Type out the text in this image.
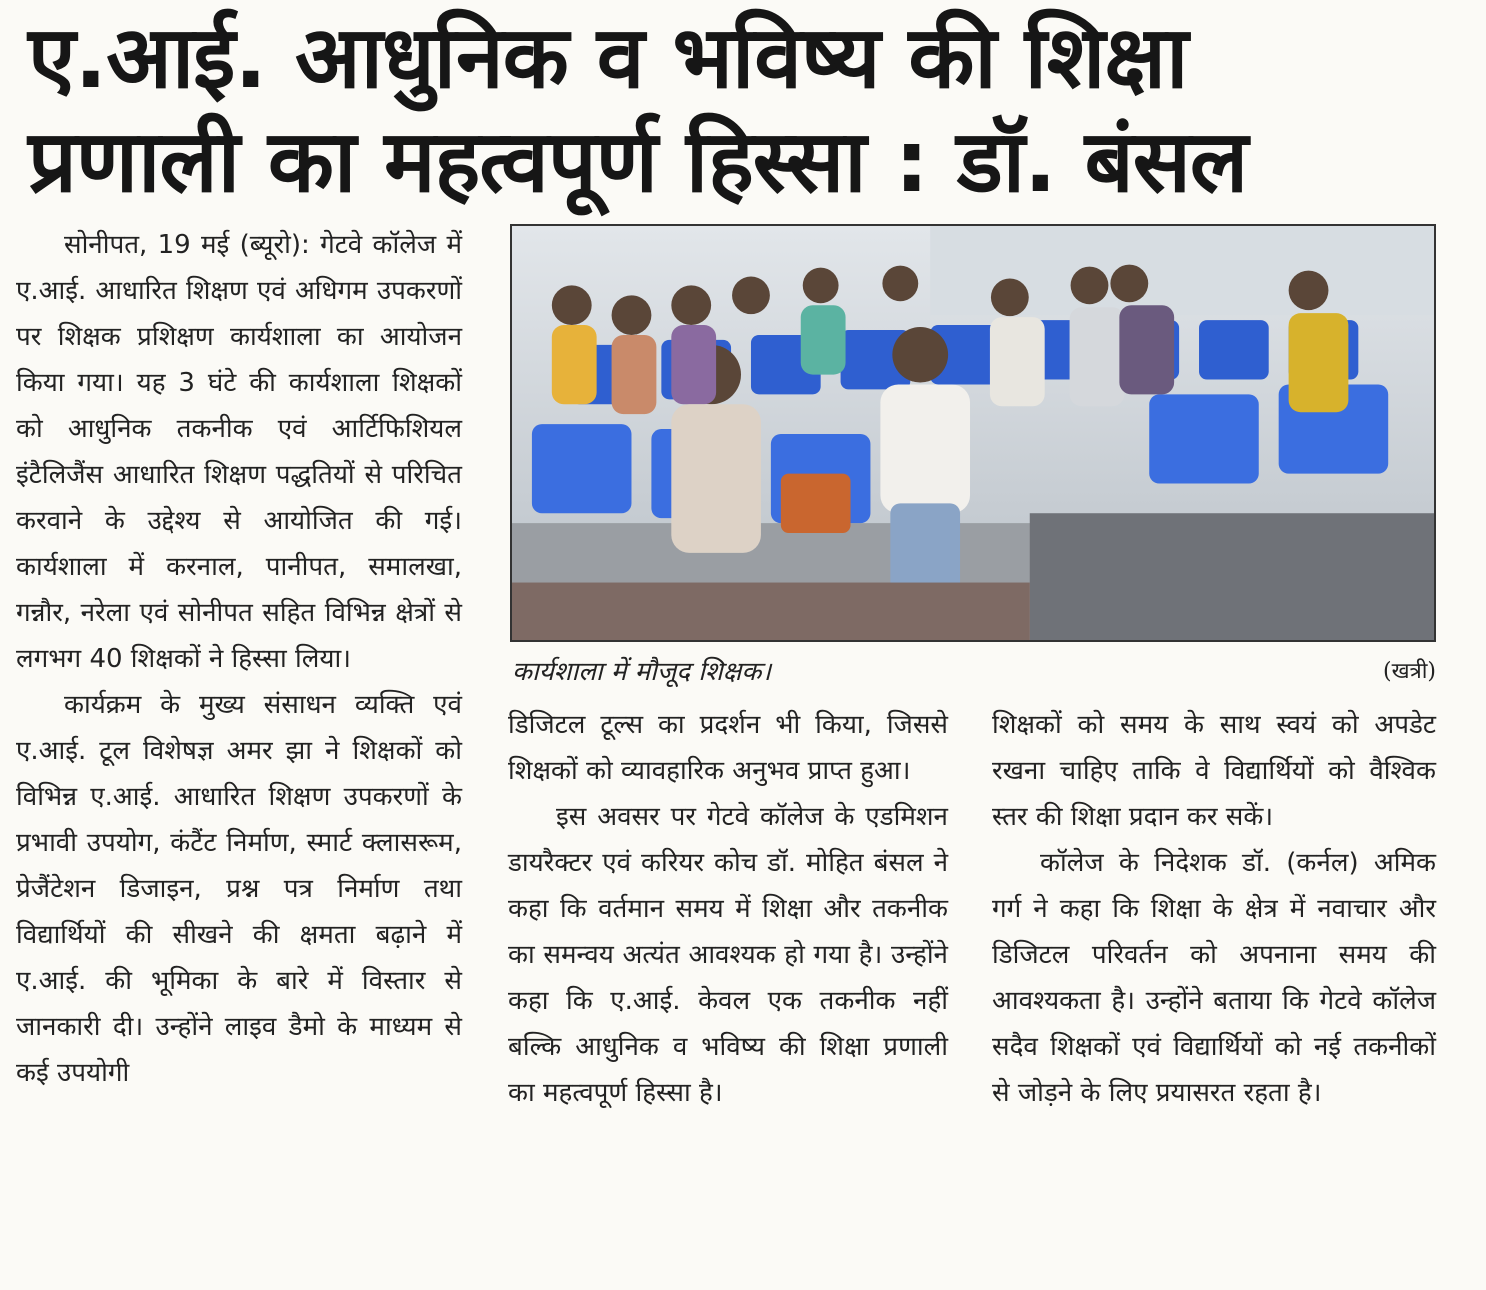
ए.आई. आधुनिक व भविष्य की शिक्षा
प्रणाली का महत्वपूर्ण हिस्सा : डॉ. बंसल

सोनीपत, 19 मई (ब्यूरो): गेटवे कॉलेज में ए.आई. आधारित शिक्षण एवं अधिगम उपकरणों पर शिक्षक प्रशिक्षण कार्यशाला का आयोजन किया गया। यह 3 घंटे की कार्यशाला शिक्षकों को आधुनिक तकनीक एवं आर्टिफिशियल इंटैलिजैंस आधारित शिक्षण पद्धतियों से परिचित करवाने के उद्देश्य से आयोजित की गई। कार्यशाला में करनाल, पानीपत, समालखा, गन्नौर, नरेला एवं सोनीपत सहित विभिन्न क्षेत्रों से लगभग 40 शिक्षकों ने हिस्सा लिया।

कार्यक्रम के मुख्य संसाधन व्यक्ति एवं ए.आई. टूल विशेषज्ञ अमर झा ने शिक्षकों को विभिन्न ए.आई. आधारित शिक्षण उपकरणों के प्रभावी उपयोग, कंटैंट निर्माण, स्मार्ट क्लासरूम, प्रेजैंटेशन डिजाइन, प्रश्न पत्र निर्माण तथा विद्यार्थियों की सीखने की क्षमता बढ़ाने में ए.आई. की भूमिका के बारे में विस्तार से जानकारी दी। उन्होंने लाइव डैमो के माध्यम से कई उपयोगी

कार्यशाला में मौजूद शिक्षक।	(खत्री)

डिजिटल टूल्स का प्रदर्शन भी किया, जिससे शिक्षकों को व्यावहारिक अनुभव प्राप्त हुआ।

इस अवसर पर गेटवे कॉलेज के एडमिशन डायरैक्टर एवं करियर कोच डॉ. मोहित बंसल ने कहा कि वर्तमान समय में शिक्षा और तकनीक का समन्वय अत्यंत आवश्यक हो गया है। उन्होंने कहा कि ए.आई. केवल एक तकनीक नहीं बल्कि आधुनिक व भविष्य की शिक्षा प्रणाली का महत्वपूर्ण हिस्सा है।

शिक्षकों को समय के साथ स्वयं को अपडेट रखना चाहिए ताकि वे विद्यार्थियों को वैश्विक स्तर की शिक्षा प्रदान कर सकें।

कॉलेज के निदेशक डॉ. (कर्नल) अमिक गर्ग ने कहा कि शिक्षा के क्षेत्र में नवाचार और डिजिटल परिवर्तन को अपनाना समय की आवश्यकता है। उन्होंने बताया कि गेटवे कॉलेज सदैव शिक्षकों एवं विद्यार्थियों को नई तकनीकों से जोड़ने के लिए प्रयासरत रहता है।
